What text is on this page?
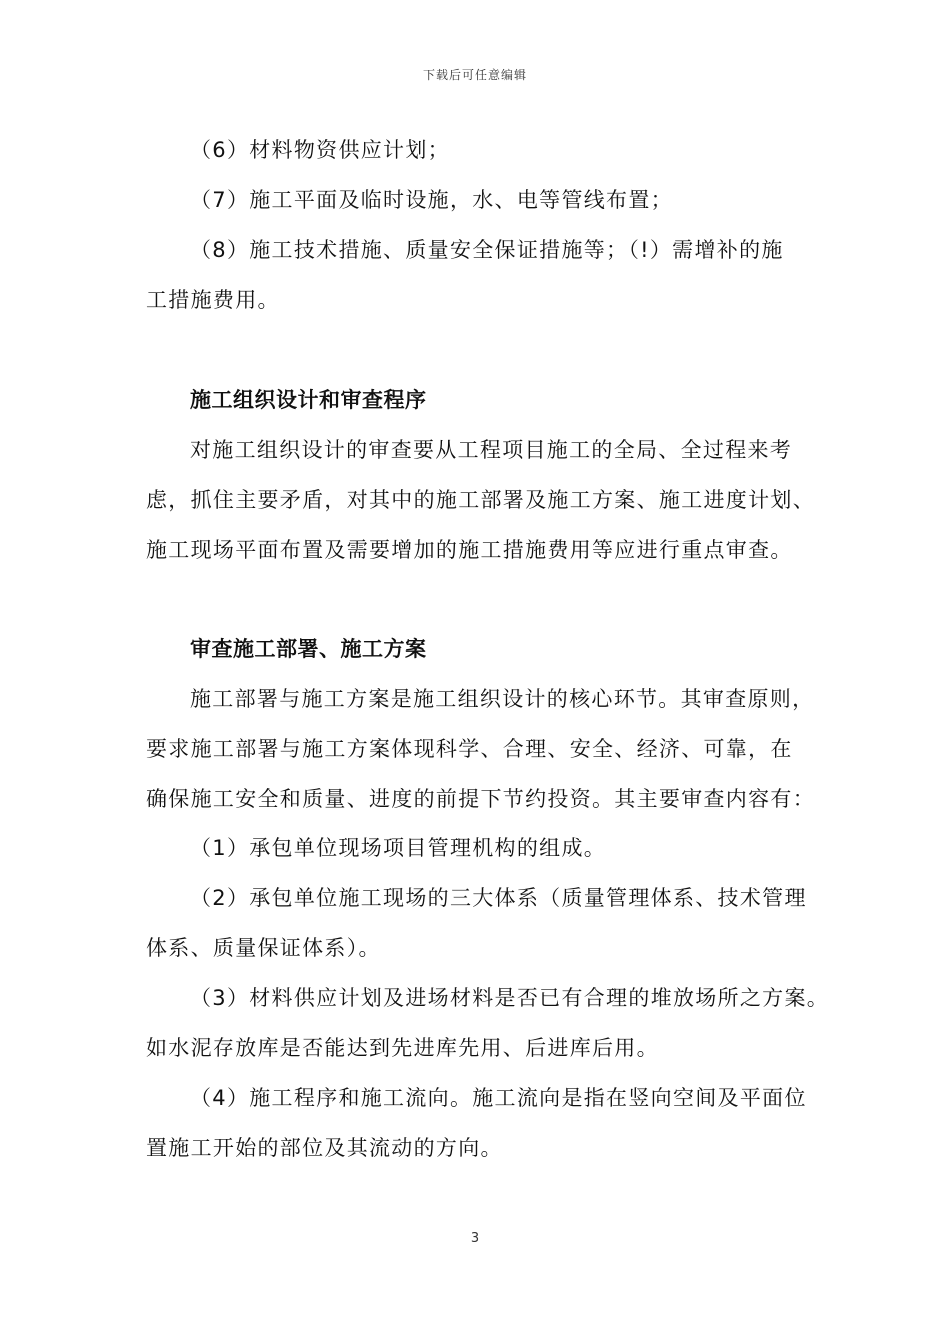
下载后可任意编辑
（6）材料物资供应计划；
（7）施工平面及临时设施，水、电等管线布置；
（8）施工技术措施、质量安全保证措施等；（!）需增补的施
工措施费用。
施工组织设计和审查程序
对施工组织设计的审查要从工程项目施工的全局、全过程来考
虑，抓住主要矛盾，对其中的施工部署及施工方案、施工进度计划、
施工现场平面布置及需要增加的施工措施费用等应进行重点审查。
审查施工部署、施工方案
施工部署与施工方案是施工组织设计的核心环节。其审查原则，
要求施工部署与施工方案体现科学、合理、安全、经济、可靠，在
确保施工安全和质量、进度的前提下节约投资。其主要审查内容有：
（1）承包单位现场项目管理机构的组成。
（2）承包单位施工现场的三大体系（质量管理体系、技术管理
体系、质量保证体系）。
（3）材料供应计划及进场材料是否已有合理的堆放场所之方案。
如水泥存放库是否能达到先进库先用、后进库后用。
（4）施工程序和施工流向。施工流向是指在竖向空间及平面位
置施工开始的部位及其流动的方向。
3
